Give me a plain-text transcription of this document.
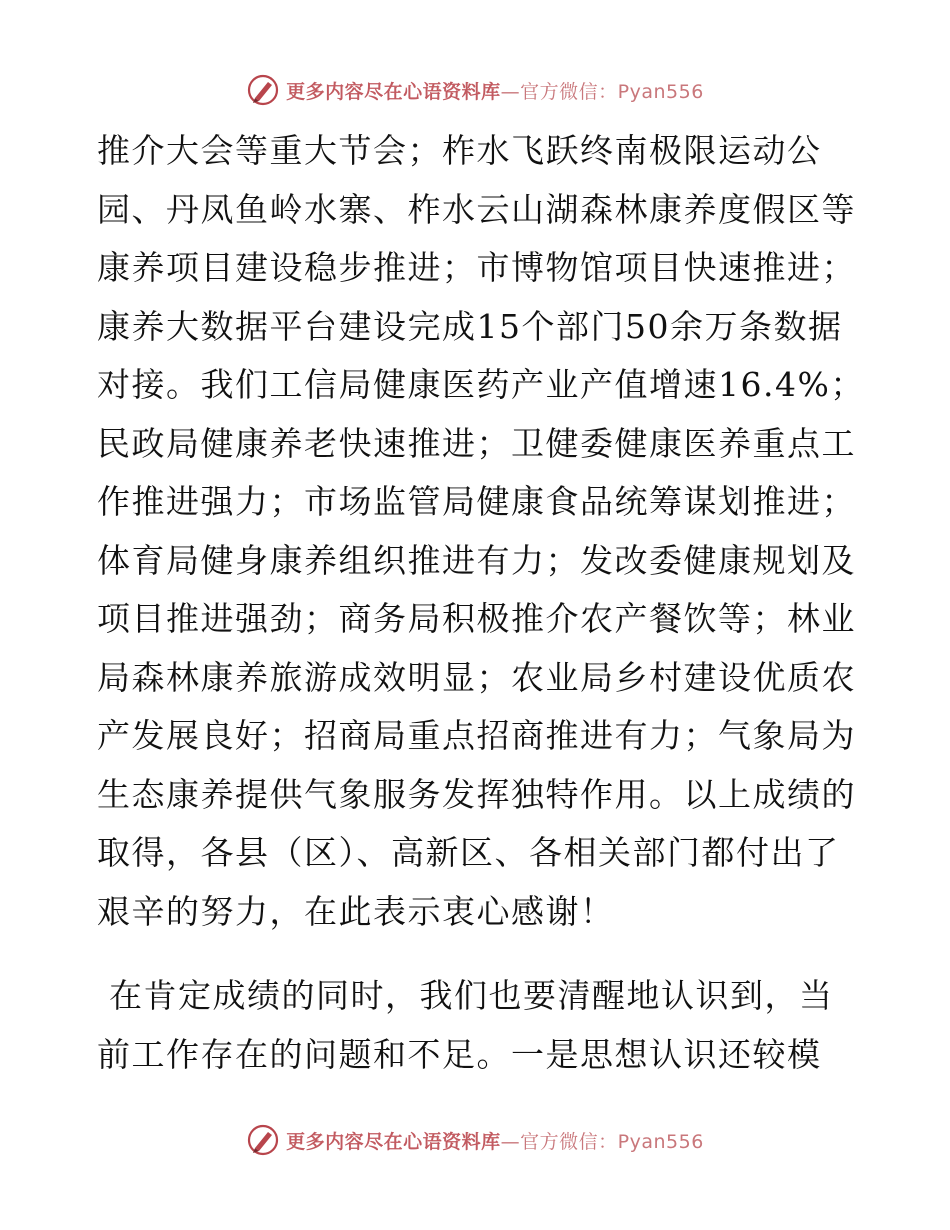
更多内容尽在心语资料库—官方微信：Pyan556
推介大会等重大节会；柞水飞跃终南极限运动公
园、丹凤鱼岭水寨、柞水云山湖森林康养度假区等
康养项目建设稳步推进；市博物馆项目快速推进；
康养大数据平台建设完成15个部门50余万条数据
对接。我们工信局健康医药产业产值增速16.4%；
民政局健康养老快速推进；卫健委健康医养重点工
作推进强力；市场监管局健康食品统筹谋划推进；
体育局健身康养组织推进有力；发改委健康规划及
项目推进强劲；商务局积极推介农产餐饮等；林业
局森林康养旅游成效明显；农业局乡村建设优质农
产发展良好；招商局重点招商推进有力；气象局为
生态康养提供气象服务发挥独特作用。以上成绩的
取得，各县（区）、高新区、各相关部门都付出了
艰辛的努力，在此表示衷心感谢！
在肯定成绩的同时，我们也要清醒地认识到，当
前工作存在的问题和不足。一是思想认识还较模
更多内容尽在心语资料库—官方微信：Pyan556
